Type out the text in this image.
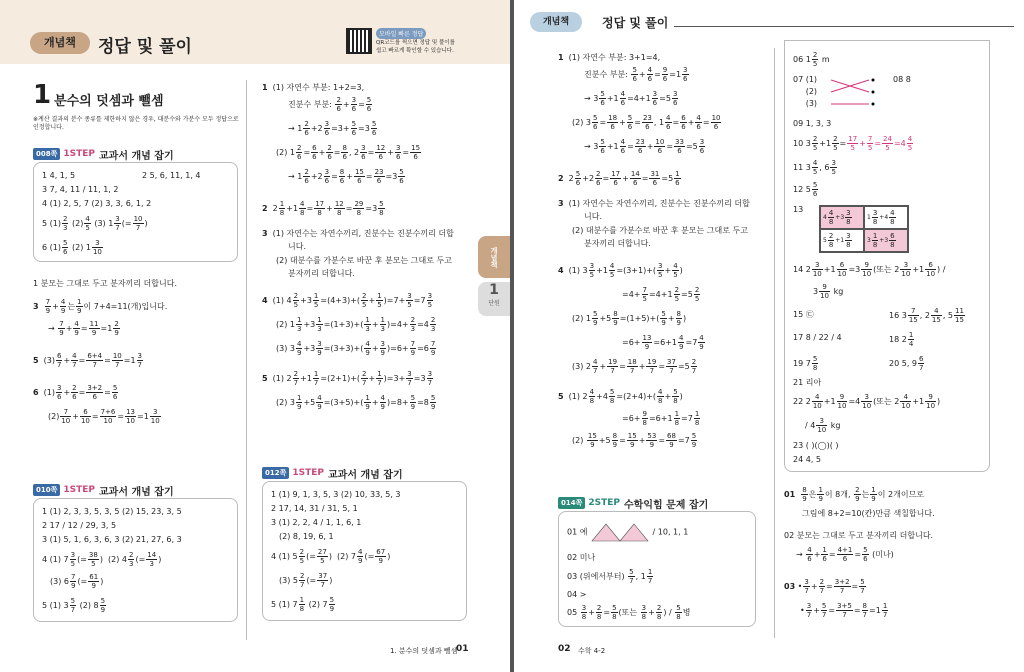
개념책	정답 및 풀이
모바일 빠른 정답
QR코드를 찍으면 정답 및 풀이를
쉽고 빠르게 확인할 수 있습니다.
1 분수의 덧셈과 뺄셈
※계산 결과의 분수 종류를 제한하지 않은 경우, 대분수와 가분수 모두 정답으로 인정합니다.
008쪽 1STEP 교과서 개념 잡기
1 4, 1, 5	2 5, 6, 11, 1, 4
3 7, 4, 11 / 11, 1, 2
4 (1) 2, 5, 7 (2) 3, 3, 6, 1, 2
5 $(1) \frac{2}{3} (2) \frac{4}{5} (3)$ $1 \frac{3}{7}$ (= $\frac{10}{7}$ )
6 $(1) \frac{5}{6} (2)$ $1 \frac{3}{10}$
1 분모는 그대로 두고 분자끼리 더합니다.
$3 \frac{7}{9} + \frac{4}{9}$ 는 $\frac{1}{9}$ 이 7+4=11(개)입니다.
→ $\frac{7}{9} + \frac{4}{9} = \frac{11}{9} =1 \frac{2}{9}$
5  $(3) \frac{6}{7} + \frac{4}{7} = \frac{6+4}{7} = \frac{10}{7} =1 \frac{3}{7}$
6  $(1) \frac{3}{6} + \frac{2}{6} = \frac{3+2}{6} = \frac{5}{6}$
$(2) \frac{7}{10} + \frac{6}{10} = \frac{7+6}{10} = \frac{13}{10} =1 \frac{3}{10}$
010쪽 1STEP 교과서 개념 잡기
1 (1) 2, 3, 3, 5, 3, 5 (2) 15, 23, 3, 5
2 17 / 12 / 29, 3, 5
3 (1) 5, 1, 6, 3, 6, 3 (2) 21, 27, 6, 3
4 (1) $7 \frac{3}{5}$ (= $\frac{38}{5}$ )  (2) $4 \frac{2}{3}$ (= $\frac{14}{3}$ )
(3) $6 \frac{7}{9}$ (= $\frac{61}{9}$ )
5 (1) $3 \frac{5}{7} (2)$ $8 \frac{5}{9}$
1 (1) 자연수 부분: 1+2=3,
진분수 부분: $\frac{2}{6} + \frac{3}{6} = \frac{5}{6}$
→ $1 \frac{2}{6} +2 \frac{3}{6} =3+ \frac{5}{6} =3 \frac{5}{6}$
(2) $1 \frac{2}{6} = \frac{6}{6} + \frac{2}{6} = \frac{8}{6}$ , $2 \frac{3}{6} = \frac{12}{6} + \frac{3}{6} = \frac{15}{6}$
→ $1 \frac{2}{6} +2 \frac{3}{6} = \frac{8}{6} + \frac{15}{6} = \frac{23}{6} =3 \frac{5}{6}$
2  $2 \frac{1}{8} +1 \frac{4}{8} = \frac{17}{8} + \frac{12}{8} = \frac{29}{8} =3 \frac{5}{8}$
3 (1) 자연수는 자연수끼리, 진분수는 진분수끼리 더합
니다.
(2) 대분수를 가분수로 바꾼 후 분모는 그대로 두고
분자끼리 더합니다.
4  (1) $4 \frac{2}{5} +3 \frac{1}{5} =(4+3)+( \frac{2}{5} + \frac{1}{5} )=7+ \frac{3}{5} =7 \frac{3}{5}$
(2) $1 \frac{1}{3} +3 \frac{1}{3} =(1+3)+( \frac{1}{3} + \frac{1}{3} )=4+ \frac{2}{3} =4 \frac{2}{3}$
(3) $3 \frac{4}{9} +3 \frac{3}{9} =(3+3)+( \frac{4}{9} + \frac{3}{9} )=6+ \frac{7}{9} =6 \frac{7}{9}$
5  (1) $2 \frac{2}{7} +1 \frac{1}{7} =(2+1)+( \frac{2}{7} + \frac{1}{7} )=3+ \frac{3}{7} =3 \frac{3}{7}$
(2) $3 \frac{1}{9} +5 \frac{4}{9} =(3+5)+( \frac{1}{9} + \frac{4}{9} )=8+ \frac{5}{9} =8 \frac{5}{9}$
012쪽 1STEP 교과서 개념 잡기
1 (1) 9, 1, 3, 5, 3 (2) 10, 33, 5, 3
2 17, 14, 31 / 31, 5, 1
3 (1) 2, 2, 4 / 1, 1, 6, 1
(2) 8, 19, 6, 1
4 (1) $5 \frac{2}{5}$ (= $\frac{27}{5}$ )  (2) $7 \frac{4}{9}$ (= $\frac{67}{9}$ )
(3) $5 \frac{2}{7}$ (= $\frac{37}{7}$ )
5 (1) $7 \frac{1}{8} (2)$ $7 \frac{5}{9}$
개념책
1
단원
1. 분수의 덧셈과 뺄셈
01
개념책	정답 및 풀이
1 (1) 자연수 부분: 3+1=4,
진분수 부분: $\frac{5}{6} + \frac{4}{6} = \frac{9}{6} =1 \frac{3}{6}$
→ $3 \frac{5}{6} +1 \frac{4}{6} =4+1 \frac{3}{6} =5 \frac{3}{6}$
(2) $3 \frac{5}{6} = \frac{18}{6} + \frac{5}{6} = \frac{23}{6}$ , $1 \frac{4}{6} = \frac{6}{6} + \frac{4}{6} = \frac{10}{6}$
→ $3 \frac{5}{6} +1 \frac{4}{6} = \frac{23}{6} + \frac{10}{6} = \frac{33}{6} =5 \frac{3}{6}$
2  $2 \frac{5}{6} +2 \frac{2}{6} = \frac{17}{6} + \frac{14}{6} = \frac{31}{6} =5 \frac{1}{6}$
3 (1) 자연수는 자연수끼리, 진분수는 진분수끼리 더합
니다.
(2) 대분수를 가분수로 바꾼 후 분모는 그대로 두고
분자끼리 더합니다.
4  (1) $3 \frac{3}{5} +1 \frac{4}{5} =(3+1)+( \frac{3}{5} + \frac{4}{5}$ )
$=4+ \frac{7}{5} =4+1 \frac{2}{5} =5 \frac{2}{5}$
(2) $1 \frac{5}{9} +5 \frac{8}{9} =(1+5)+( \frac{5}{9} + \frac{8}{9}$ )
$=6+ \frac{13}{9} =6+1 \frac{4}{9} =7 \frac{4}{9}$
(3) $2 \frac{4}{7} + \frac{19}{7} = \frac{18}{7} + \frac{19}{7} = \frac{37}{7} =5 \frac{2}{7}$
5  (1) $2 \frac{4}{8} +4 \frac{5}{8} =(2+4)+( \frac{4}{8} + \frac{5}{8}$ )
$=6+ \frac{9}{8} =6+1 \frac{1}{8} =7 \frac{1}{8}$
$(2) \frac{15}{9} +5 \frac{8}{9} = \frac{15}{9} + \frac{53}{9} = \frac{68}{9} =7 \frac{5}{9}$
014쪽 2STEP 수학익힘 문제 잡기
01 예	/ 10, 1, 1
02 미나
03 (위에서부터) $\frac{5}{7}$ , $1 \frac{1}{7}$
04 >
$05 \frac{3}{8} + \frac{2}{8} = \frac{5}{8}$ (또는 $\frac{3}{8} + \frac{2}{8}$ ) / $\frac{5}{8}$ 병
06 $1 \frac{2}{5}$ m
07 (1)
(2)
(3)
08 8
09 1, 3, 3
10 $3 \frac{2}{5} +1 \frac{2}{5} = \frac{17}{5} + \frac{7}{5} = \frac{24}{5} =4 \frac{4}{5}$
11 $3 \frac{4}{5}$ , $6 \frac{3}{5}$
12 $5 \frac{5}{6}$
13
$4 \frac{4}{8} +3 \frac{3}{8}$	$1 \frac{3}{8} +4 \frac{4}{8}$
$5 \frac{2}{8} +1 \frac{3}{8}$	$3 \frac{1}{8} +3 \frac{6}{8}$
14 $2 \frac{3}{10} +1 \frac{6}{10} =3 \frac{9}{10}$ (또는 $2 \frac{3}{10} +1 \frac{6}{10}$ ) /
$3 \frac{9}{10}$ kg
15 ㉢	16 $3 \frac{7}{15}$ , $2 \frac{4}{15}$ , $5 \frac{11}{15}$
17 8 / 22 / 4	18 $2 \frac{1}{4}$
19 $7 \frac{5}{8}$	20 5, $9 \frac{6}{7}$
21 리아
22 $2 \frac{4}{10} +1 \frac{9}{10} =4 \frac{3}{10}$ (또는 $2 \frac{4}{10} +1 \frac{9}{10}$ )
/ $4 \frac{3}{10}$ kg
23 ( )(◯)( )
24 4, 5
$01 \frac{8}{9}$ 은 $\frac{1}{9}$ 이 8개, $\frac{2}{9}$ 는 $\frac{1}{9}$ 이 2개이므로
그림에 8+2=10(칸)만큼 색칠합니다.
02 분모는 그대로 두고 분자끼리 더합니다.
→ $\frac{4}{6} + \frac{1}{6} = \frac{4+1}{6} = \frac{5}{6}$ (미나)
03 • $\frac{3}{7} + \frac{2}{7} = \frac{3+2}{7} = \frac{5}{7}$
• $\frac{3}{7} + \frac{5}{7} = \frac{3+5}{7} = \frac{8}{7} =1 \frac{1}{7}$
02 수학 4-2
